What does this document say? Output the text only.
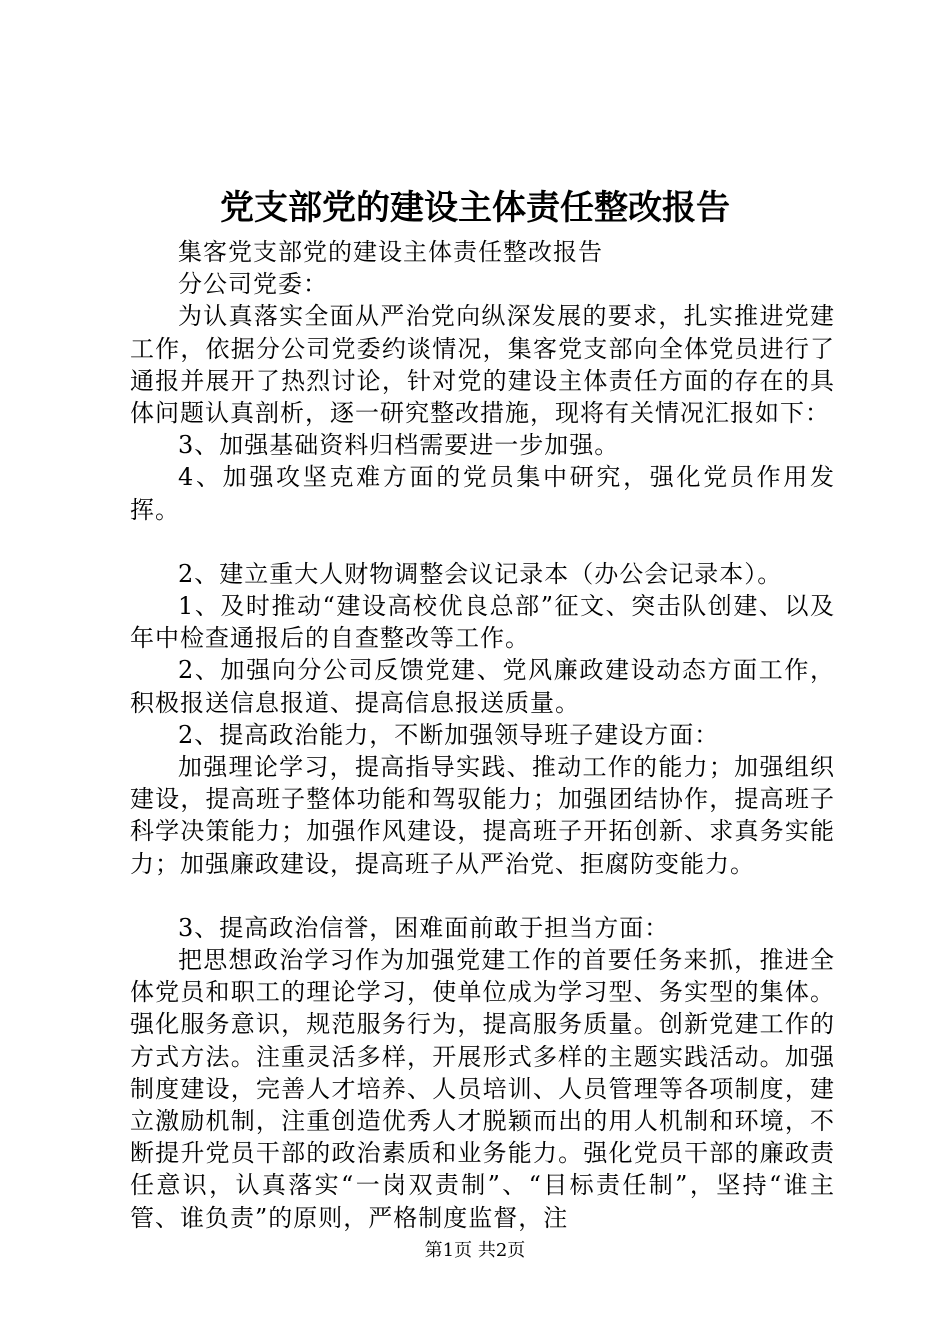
党支部党的建设主体责任整改报告

集客党支部党的建设主体责任整改报告

分公司党委：

为认真落实全面从严治党向纵深发展的要求，扎实推进党建工作，依据分公司党委约谈情况，集客党支部向全体党员进行了通报并展开了热烈讨论，针对党的建设主体责任方面的存在的具体问题认真剖析，逐一研究整改措施，现将有关情况汇报如下：

3、加强基础资料归档需要进一步加强。

4、加强攻坚克难方面的党员集中研究，强化党员作用发挥。

2、建立重大人财物调整会议记录本（办公会记录本）。

1、及时推动“建设高校优良总部”征文、突击队创建、以及年中检查通报后的自查整改等工作。

2、加强向分公司反馈党建、党风廉政建设动态方面工作，积极报送信息报道、提高信息报送质量。

2、提高政治能力，不断加强领导班子建设方面：

加强理论学习，提高指导实践、推动工作的能力；加强组织建设，提高班子整体功能和驾驭能力；加强团结协作，提高班子科学决策能力；加强作风建设，提高班子开拓创新、求真务实能力；加强廉政建设，提高班子从严治党、拒腐防变能力。

3、提高政治信誉，困难面前敢于担当方面：

把思想政治学习作为加强党建工作的首要任务来抓，推进全体党员和职工的理论学习，使单位成为学习型、务实型的集体。强化服务意识，规范服务行为，提高服务质量。创新党建工作的方式方法。注重灵活多样，开展形式多样的主题实践活动。加强制度建设，完善人才培养、人员培训、人员管理等各项制度，建立激励机制，注重创造优秀人才脱颖而出的用人机制和环境，不断提升党员干部的政治素质和业务能力。强化党员干部的廉政责任意识，认真落实“一岗双责制”、“目标责任制”，坚持“谁主管、谁负责”的原则，严格制度监督，注

第1页 共2页
